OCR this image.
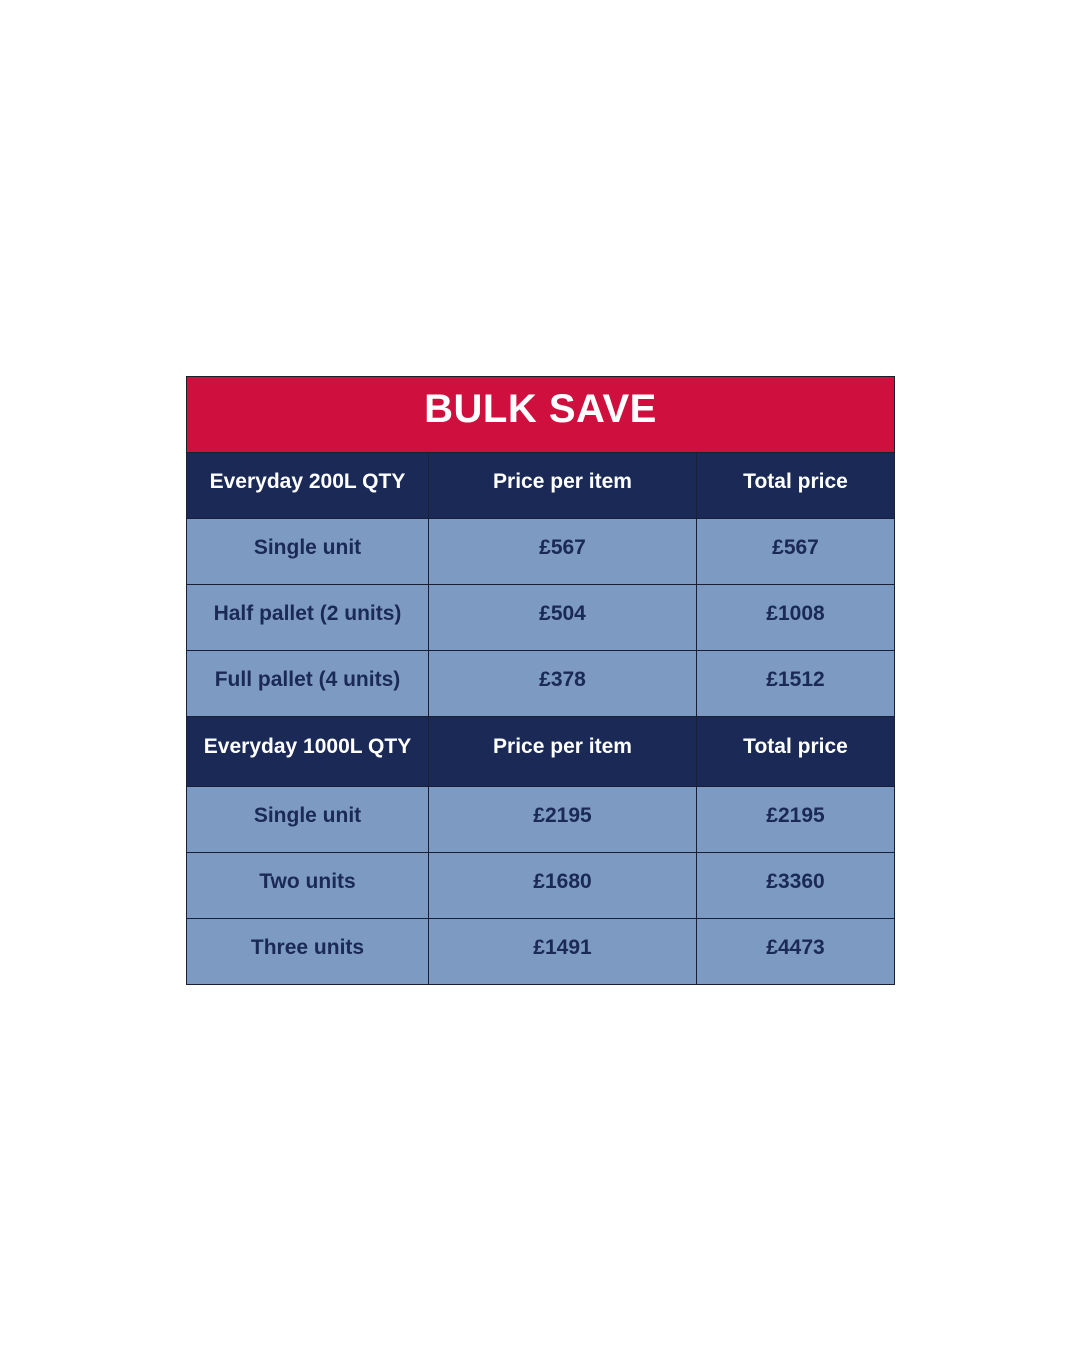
BULK SAVE		
Everyday 200L QTY	Price per item	Total price
Single unit	£567	£567
Half pallet (2 units)	£504	£1008
Full pallet (4 units)	£378	£1512
Everyday 1000L QTY	Price per item	Total price
Single unit	£2195	£2195
Two units	£1680	£3360
Three units	£1491	£4473
